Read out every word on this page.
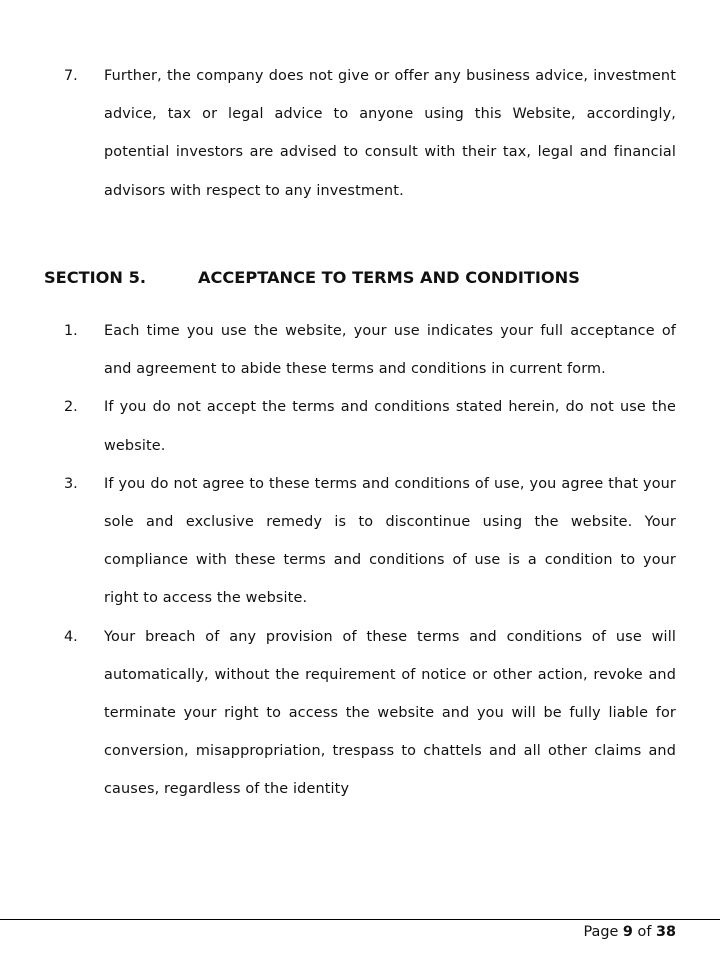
7.	Further, the company does not give or offer any business advice, investment advice, tax or legal advice to anyone using this Website, accordingly, potential investors are advised to consult with their tax, legal and financial advisors with respect to any investment.
SECTION 5.	ACCEPTANCE TO TERMS AND CONDITIONS
1.	Each time you use the website, your use indicates your full acceptance of and agreement to abide these terms and conditions in current form.
2.	If you do not accept the terms and conditions stated herein, do not use the website.
3.	If you do not agree to these terms and conditions of use, you agree that your sole and exclusive remedy is to discontinue using the website. Your compliance with these terms and conditions of use is a condition to your right to access the website.
4.	Your breach of any provision of these terms and conditions of use will automatically, without the requirement of notice or other action, revoke and terminate your right to access the website and you will be fully liable for conversion, misappropriation, trespass to chattels and all other claims and causes, regardless of the identity
Page 9 of 38
